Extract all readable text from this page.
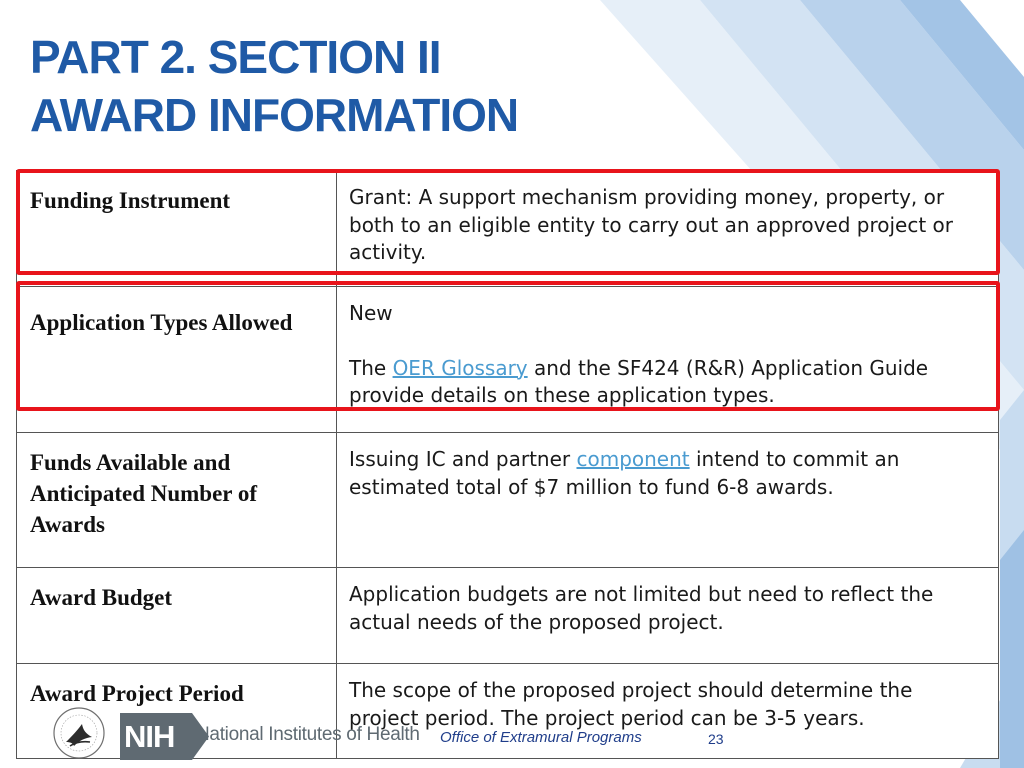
PART 2. SECTION II
AWARD INFORMATION
Funding Instrument	Grant: A support mechanism providing money, property, or both to an eligible entity to carry out an approved project or activity.
Application Types Allowed	New

The OER Glossary and the SF424 (R&R) Application Guide provide details on these application types.

Funds Available and Anticipated Number of Awards	Issuing IC and partner component intend to commit an estimated total of $7 million to fund 6-8 awards.
Award Budget	Application budgets are not limited but need to reflect the actual needs of the proposed project.
Award Project Period	The scope of the proposed project should determine the project period. The project period can be 3-5 years.
NIH	National Institutes of Health Office of Extramural Programs	23
